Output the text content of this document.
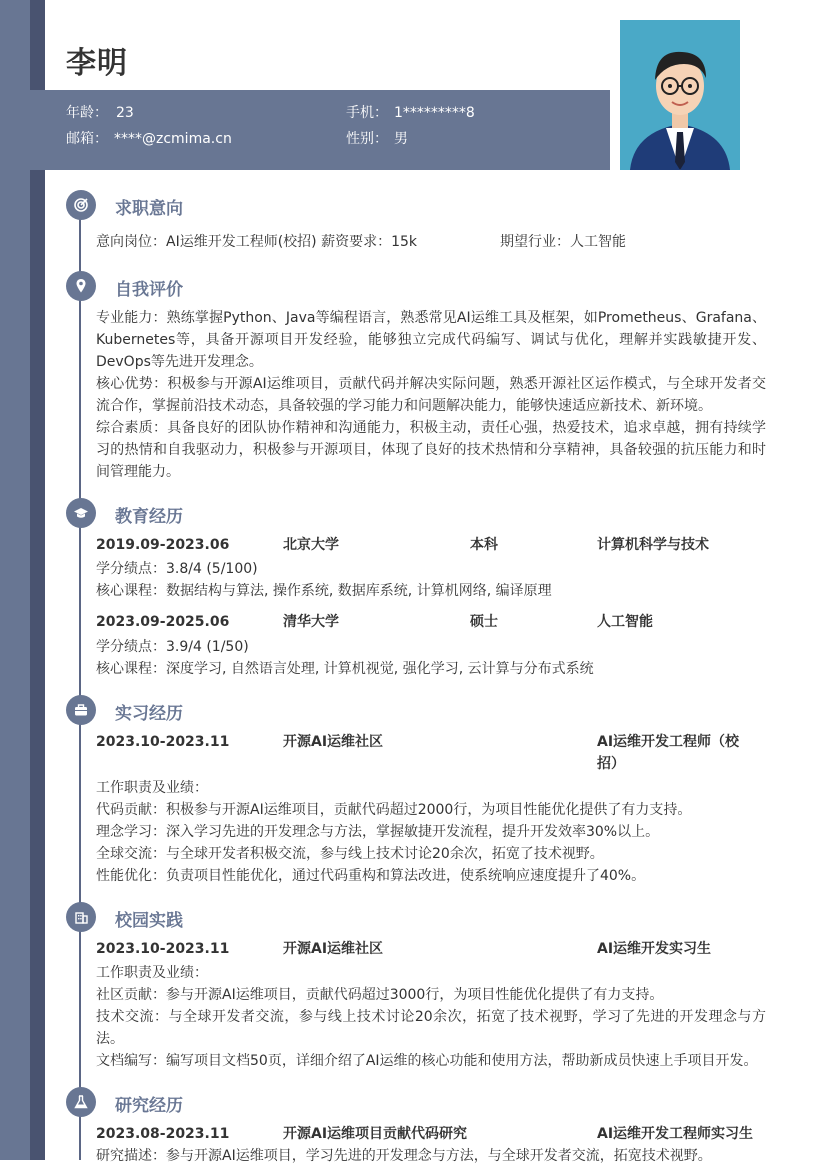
李明
年龄： 23	手机： 1*********8
邮箱： ****@zcmima.cn	性别： 男
求职意向
意向岗位：AI运维开发工程师(校招) 薪资要求：15k	期望行业：人工智能
自我评价
专业能力：熟练掌握Python、Java等编程语言，熟悉常见AI运维工具及框架，如Prometheus、Grafana、Kubernetes等，具备开源项目开发经验，能够独立完成代码编写、调试与优化，理解并实践敏捷开发、DevOps等先进开发理念。
核心优势：积极参与开源AI运维项目，贡献代码并解决实际问题，熟悉开源社区运作模式，与全球开发者交流合作，掌握前沿技术动态，具备较强的学习能力和问题解决能力，能够快速适应新技术、新环境。
综合素质：具备良好的团队协作精神和沟通能力，积极主动，责任心强，热爱技术，追求卓越，拥有持续学习的热情和自我驱动力，积极参与开源项目，体现了良好的技术热情和分享精神，具备较强的抗压能力和时间管理能力。
教育经历
2019.09-2023.06	北京大学	本科	计算机科学与技术
学分绩点：3.8/4 (5/100)
核心课程：数据结构与算法, 操作系统, 数据库系统, 计算机网络, 编译原理
2023.09-2025.06	清华大学	硕士	人工智能
学分绩点：3.9/4 (1/50)
核心课程：深度学习, 自然语言处理, 计算机视觉, 强化学习, 云计算与分布式系统
实习经历
2023.10-2023.11	开源AI运维社区	AI运维开发工程师（校
招）
工作职责及业绩：
代码贡献：积极参与开源AI运维项目，贡献代码超过2000行，为项目性能优化提供了有力支持。
理念学习：深入学习先进的开发理念与方法，掌握敏捷开发流程，提升开发效率30%以上。
全球交流：与全球开发者积极交流，参与线上技术讨论20余次，拓宽了技术视野。
性能优化：负责项目性能优化，通过代码重构和算法改进，使系统响应速度提升了40%。
校园实践
2023.10-2023.11	开源AI运维社区	AI运维开发实习生
工作职责及业绩：
社区贡献：参与开源AI运维项目，贡献代码超过3000行，为项目性能优化提供了有力支持。
技术交流：与全球开发者交流，参与线上技术讨论20余次，拓宽了技术视野，学习了先进的开发理念与方法。
文档编写：编写项目文档50页，详细介绍了AI运维的核心功能和使用方法，帮助新成员快速上手项目开发。
研究经历
2023.08-2023.11	开源AI运维项目贡献代码研究	AI运维开发工程师实习生
研究描述：参与开源AI运维项目，学习先进的开发理念与方法，与全球开发者交流，拓宽技术视野。
